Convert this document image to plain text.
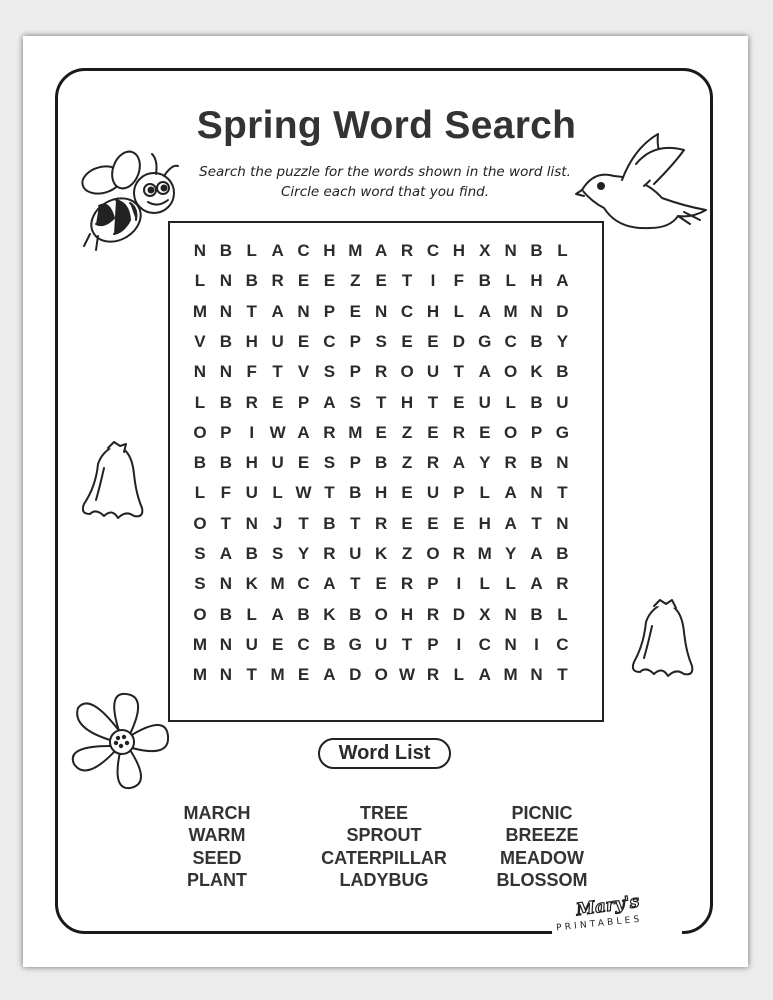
Spring Word Search
Search the puzzle for the words shown in the word list.
Circle each word that you find.
N B L A C H M A R C H X N B L
L N B R E E Z E T	I	F B L H A
M N T A N P E N C H L A M N D
V B H U E C P S E E D G C B Y
N N F T V S P R O U T A O K B
L B R E P A S T H T E U L B U
O P	I W A R M E Z E R E O P G
B B H U E S P B Z R A Y R B N
L F U L W T B H E U P L A N T
O T N J T B T R E E E H A T N
S A B S Y R U K Z O R M Y A B
S N K M C A T E R P	I	L L A R
O B L A B K B O H R D X N B L
M N U E C B G U T P	I	C N	I	C
M N T M E A D O W R L A M N T
Word List
MARCH
WARM
SEED
PLANT
TREE
SPROUT
CATERPILLAR
LADYBUG
PICNIC
BREEZE
MEADOW
BLOSSOM
Mary's
PRINTABLES
